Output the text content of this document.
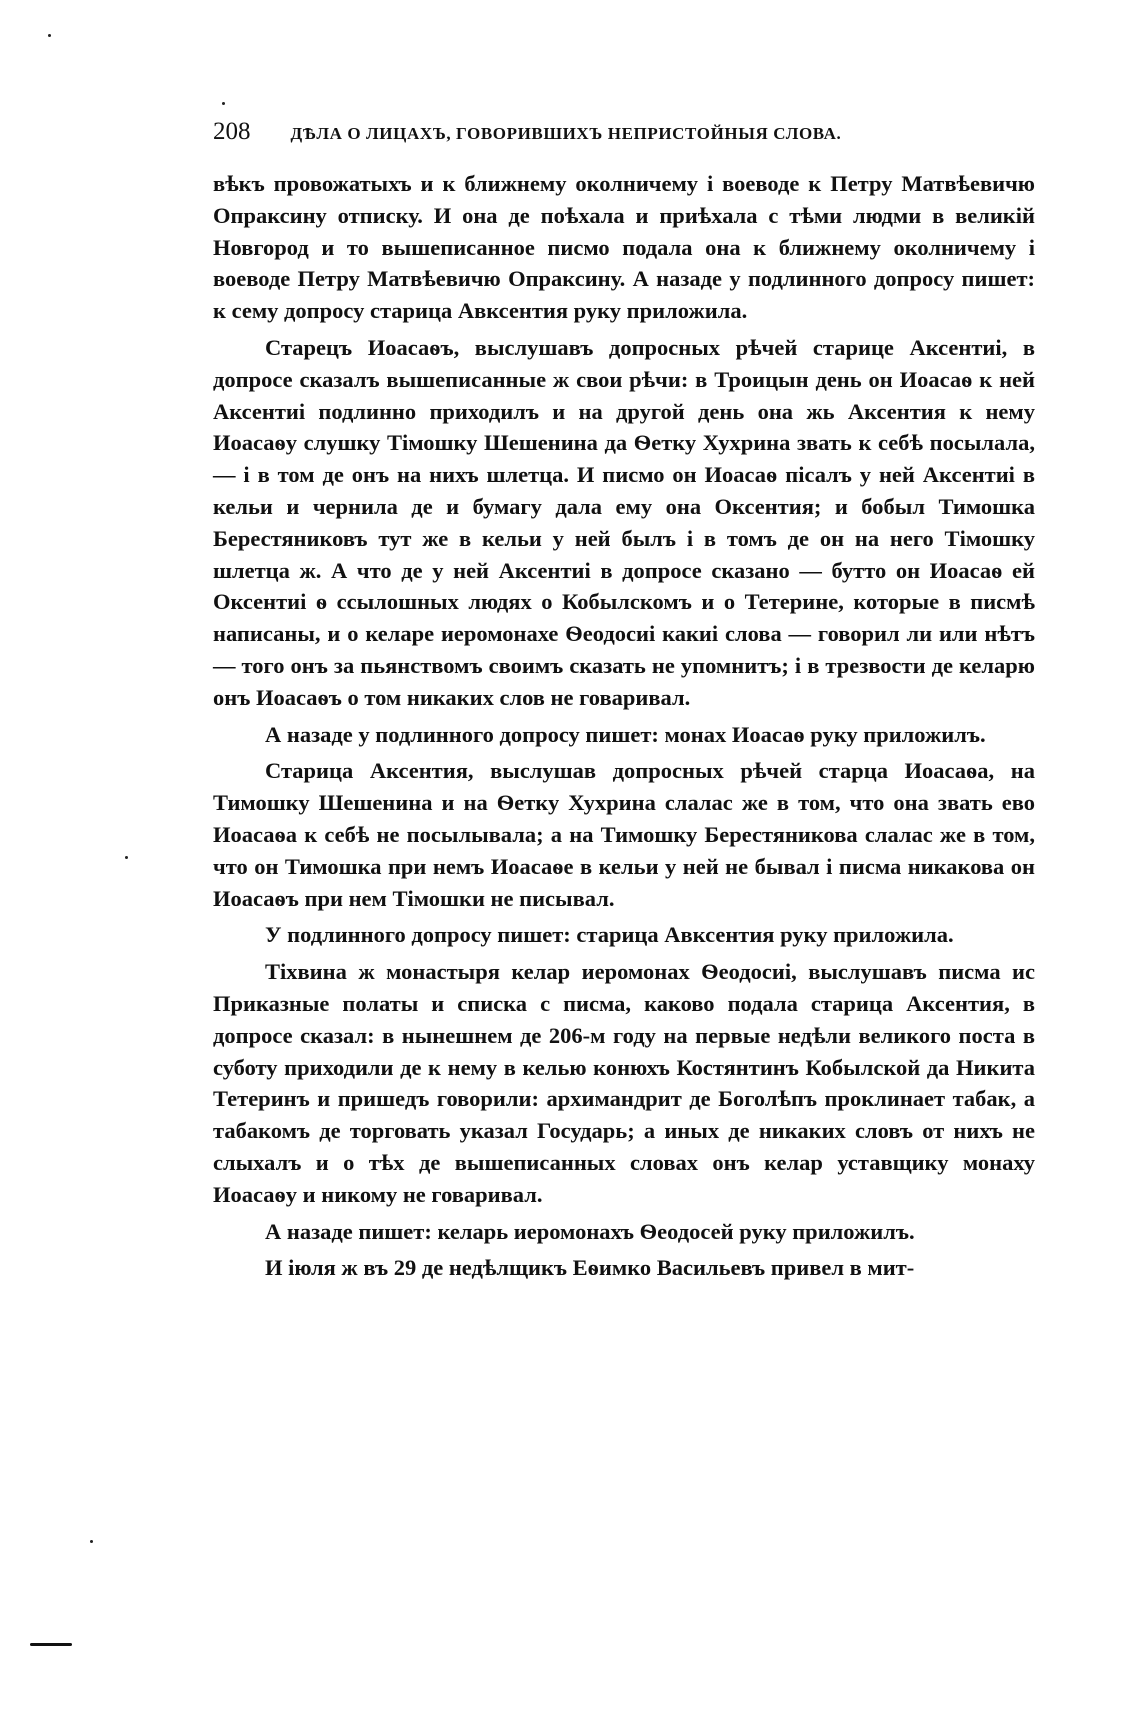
208 ДѢЛА О ЛИЦАХЪ, ГОВОРИВШИХЪ НЕПРИСТОЙНЫЯ СЛОВА.

вѣкъ провожатыхъ и к ближнему околничему і воеводе к Петру Матвѣевичю Опраксину отписку. И она де поѣхала и приѣхала с тѣми людми в великій Новгород и то вышеписанное писмо подала она к ближнему околничему і воеводе Петру Матвѣевичю Опраксину. А назаде у подлинного допросу пишет: к сему допросу старица Авксентия руку приложила.

Старецъ Иоасаѳъ, выслушавъ допросных рѣчей старице Аксентиі, в допросе сказалъ вышеписанные ж свои рѣчи: в Троицын день он Иоасаѳ к ней Аксентиі подлинно приходилъ и на другой день она жь Аксентия к нему Иоасаѳу слушку Тімошку Шешенина да Ѳетку Хухрина звать к себѣ посылала, — і в том де онъ на нихъ шлетца. И писмо он Иоасаѳ пісалъ у ней Аксентиі в кельи и чернила де и бумагу дала ему она Оксентия; и бобыл Тимошка Берестяниковъ тут же в кельи у ней былъ і в томъ де он на него Тімошку шлетца ж. А что де у ней Аксентиі в допросе сказано — бутто он Иоасаѳ ей Оксентиі ѳ ссылошных людях о Кобылскомъ и о Тетерине, которые в писмѣ написаны, и о келаре иеромонахе Ѳеодосиі какиі слова — говорил ли или нѣтъ — того онъ за пьянствомъ своимъ сказать не упомнитъ; і в трезвости де келарю онъ Иоасаѳъ о том никаких слов не говаривал.

А назаде у подлинного допросу пишет: монах Иоасаѳ руку приложилъ.

Старица Аксентия, выслушав допросных рѣчей старца Иоасаѳа, на Тимошку Шешенина и на Ѳетку Хухрина слалас же в том, что она звать ево Иоасаѳа к себѣ не посылывала; а на Тимошку Берестяникова слалас же в том, что он Тимошка при немъ Иоасаѳе в кельи у ней не бывал і писма никакова он Иоасаѳъ при нем Тімошки не писывал.

У подлинного допросу пишет: старица Авксентия руку приложила.

Тіхвина ж монастыря келар иеромонах Ѳеодосиі, выслушавъ писма ис Приказные полаты и списка с писма, каково подала старица Аксентия, в допросе сказал: в нынешнем де 206-м году на первые недѣли великого поста в суботу приходили де к нему в келью конюхъ Костянтинъ Кобылской да Никита Тетеринъ и пришедъ говорили: архимандрит де Боголѣпъ проклинает табак, а табакомъ де торговать указал Государь; а иных де никаких словъ от нихъ не слыхалъ и о тѣх де вышеписанных словах онъ келар уставщику монаху Иоасаѳу и никому не говаривал.

А назаде пишет: келарь иеромонахъ Ѳеодосей руку приложилъ.

И іюля ж въ 29 де недѣлщикъ Еѳимко Васильевъ привел в мит-
